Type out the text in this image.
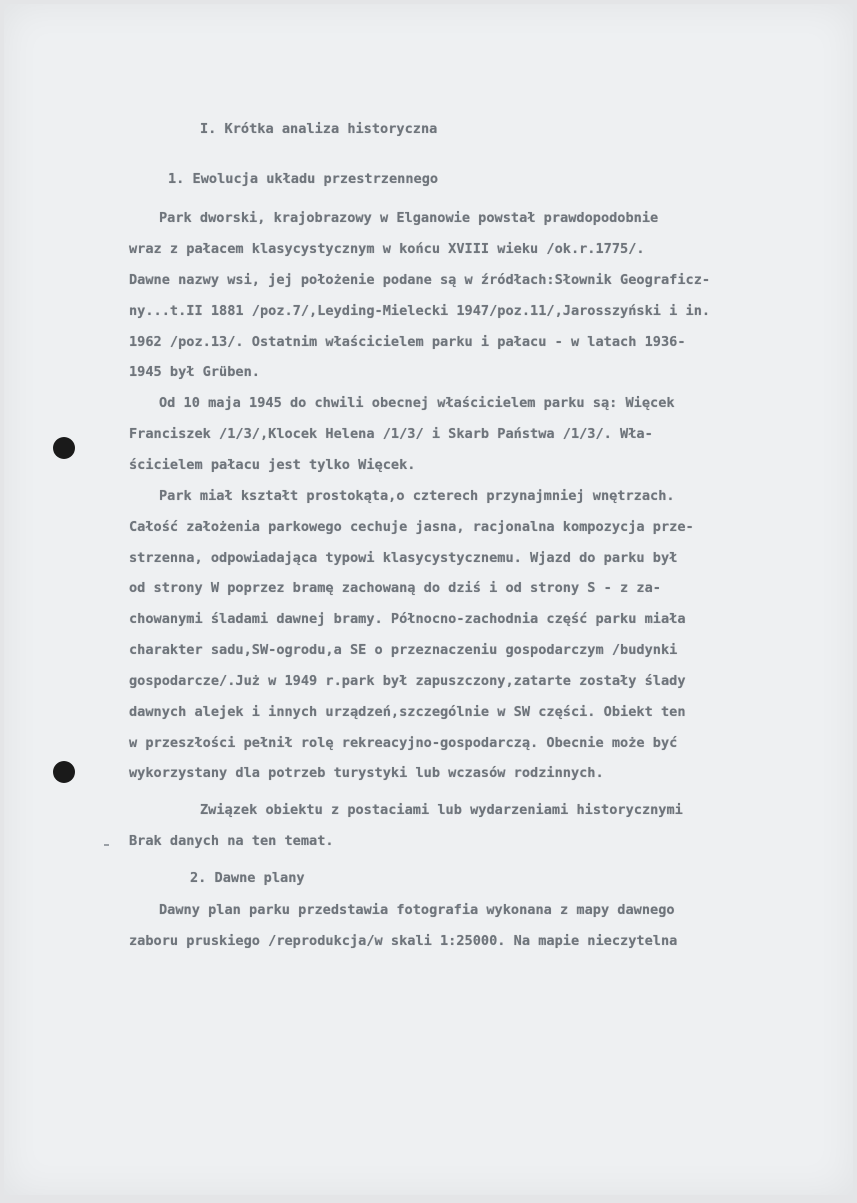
I. Krótka analiza historyczna
1. Ewolucja układu przestrzennego
Park dworski, krajobrazowy w Elganowie powstał prawdopodobnie
wraz z pałacem klasycystycznym w końcu XVIII wieku /ok.r.1775/.
Dawne nazwy wsi, jej położenie podane są w źródłach:Słownik Geograficz-
ny...t.II 1881 /poz.7/,Leyding-Mielecki 1947/poz.11/,Jarosszyński i in.
1962 /poz.13/. Ostatnim właścicielem parku i pałacu - w latach 1936-
1945 był Grüben.
Od 10 maja 1945 do chwili obecnej właścicielem parku są: Więcek
Franciszek /1/3/,Klocek Helena /1/3/ i Skarb Państwa /1/3/. Wła-
ścicielem pałacu jest tylko Więcek.
Park miał kształt prostokąta,o czterech przynajmniej wnętrzach.
Całość założenia parkowego cechuje jasna, racjonalna kompozycja prze-
strzenna, odpowiadająca typowi klasycystycznemu. Wjazd do parku był
od strony W poprzez bramę zachowaną do dziś i od strony S - z za-
chowanymi śladami dawnej bramy. Północno-zachodnia część parku miała
charakter sadu,SW-ogrodu,a SE o przeznaczeniu gospodarczym /budynki
gospodarcze/.Już w 1949 r.park był zapuszczony,zatarte zostały ślady
dawnych alejek i innych urządzeń,szczególnie w SW części. Obiekt ten
w przeszłości pełnił rolę rekreacyjno-gospodarczą. Obecnie może być
wykorzystany dla potrzeb turystyki lub wczasów rodzinnych.
Związek obiektu z postaciami lub wydarzeniami historycznymi
Brak danych na ten temat.
2. Dawne plany
Dawny plan parku przedstawia fotografia wykonana z mapy dawnego
zaboru pruskiego /reprodukcja/w skali 1:25000. Na mapie nieczytelna
